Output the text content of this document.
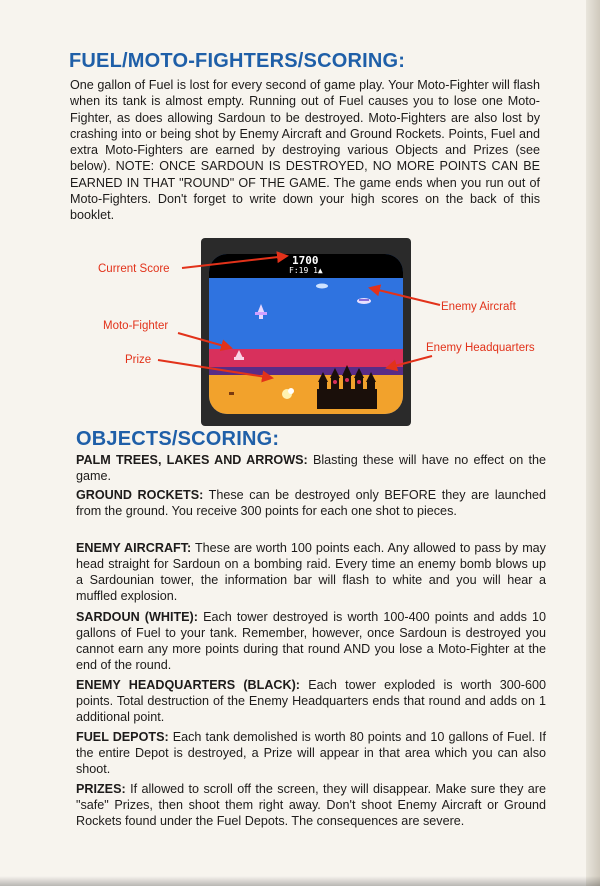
FUEL/MOTO-FIGHTERS/SCORING:

One gallon of Fuel is lost for every second of game play. Your Moto-Fighter will flash when its tank is almost empty. Running out of Fuel causes you to lose one Moto-Fighter, as does allowing Sardoun to be destroyed. Moto-Fighters are also lost by crashing into or being shot by Enemy Aircraft and Ground Rockets. Points, Fuel and extra Moto-Fighters are earned by destroying various Objects and Prizes (see below). NOTE: ONCE SARDOUN IS DESTROYED, NO MORE POINTS CAN BE EARNED IN THAT "ROUND" OF THE GAME. The game ends when you run out of Moto-Fighters. Don't forget to write down your high scores on the back of this booklet.

1700
F:19 1▲
Current Score
Moto-Fighter
Prize
Enemy Aircraft
Enemy Headquarters
OBJECTS/SCORING:

PALM TREES, LAKES AND ARROWS: Blasting these will have no effect on the game.

GROUND ROCKETS: These can be destroyed only BEFORE they are launched from the ground. You receive 300 points for each one shot to pieces.

ENEMY AIRCRAFT: These are worth 100 points each. Any allowed to pass by may head straight for Sardoun on a bombing raid. Every time an enemy bomb blows up a Sardounian tower, the information bar will flash to white and you will hear a muffled explosion.

SARDOUN (WHITE): Each tower destroyed is worth 100-400 points and adds 10 gallons of Fuel to your tank. Remember, however, once Sardoun is destroyed you cannot earn any more points during that round AND you lose a Moto-Fighter at the end of the round.

ENEMY HEADQUARTERS (BLACK): Each tower exploded is worth 300-600 points. Total destruction of the Enemy Headquarters ends that round and adds on 1 additional point.

FUEL DEPOTS: Each tank demolished is worth 80 points and 10 gallons of Fuel. If the entire Depot is destroyed, a Prize will appear in that area which you can also shoot.

PRIZES: If allowed to scroll off the screen, they will disappear. Make sure they are "safe" Prizes, then shoot them right away. Don't shoot Enemy Aircraft or Ground Rockets found under the Fuel Depots. The consequences are severe.
